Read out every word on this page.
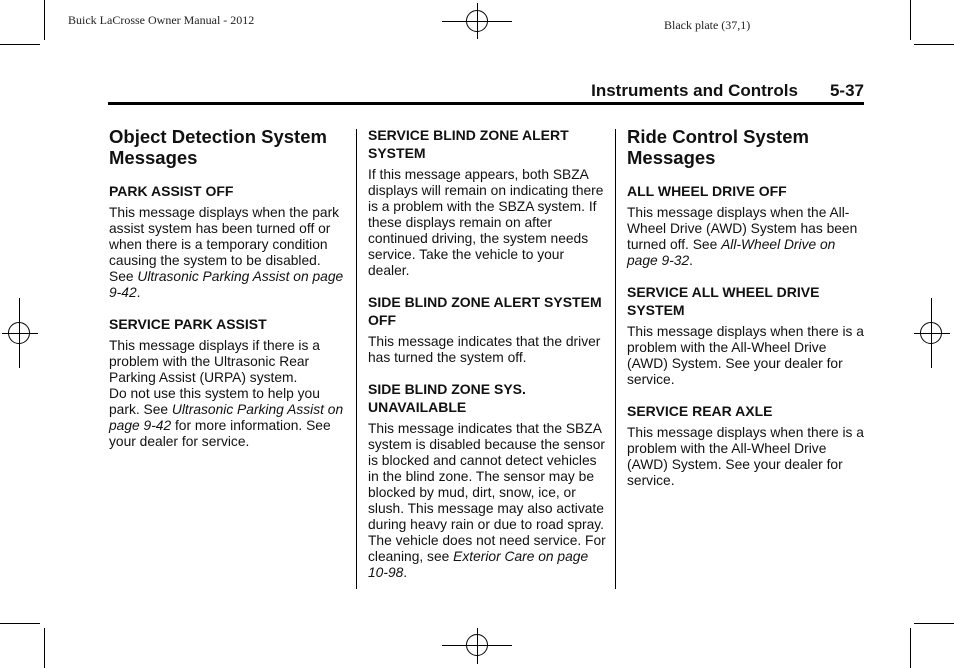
Buick LaCrosse Owner Manual - 2012	Black plate (37,1)
Instruments and Controls 5-37
Object Detection System Messages
PARK ASSIST OFF

This message displays when the park assist system has been turned off or when there is a temporary condition causing the system to be disabled. See Ultrasonic Parking Assist on page 9-42.

SERVICE PARK ASSIST

This message displays if there is a problem with the Ultrasonic Rear Parking Assist (URPA) system.

Do not use this system to help you park. See Ultrasonic Parking Assist on page 9-42 for more information. See your dealer for service.

SERVICE BLIND ZONE ALERT SYSTEM

If this message appears, both SBZA displays will remain on indicating there is a problem with the SBZA system. If these displays remain on after continued driving, the system needs service. Take the vehicle to your dealer.

SIDE BLIND ZONE ALERT SYSTEM OFF

This message indicates that the driver has turned the system off.

SIDE BLIND ZONE SYS. UNAVAILABLE

This message indicates that the SBZA system is disabled because the sensor is blocked and cannot detect vehicles in the blind zone. The sensor may be blocked by mud, dirt, snow, ice, or slush. This message may also activate during heavy rain or due to road spray. The vehicle does not need service. For cleaning, see Exterior Care on page 10-98.

Ride Control System Messages
ALL WHEEL DRIVE OFF

This message displays when the All-Wheel Drive (AWD) System has been turned off. See All-Wheel Drive on page 9-32.

SERVICE ALL WHEEL DRIVE SYSTEM

This message displays when there is a problem with the All-Wheel Drive (AWD) System. See your dealer for service.

SERVICE REAR AXLE

This message displays when there is a problem with the All-Wheel Drive (AWD) System. See your dealer for service.
